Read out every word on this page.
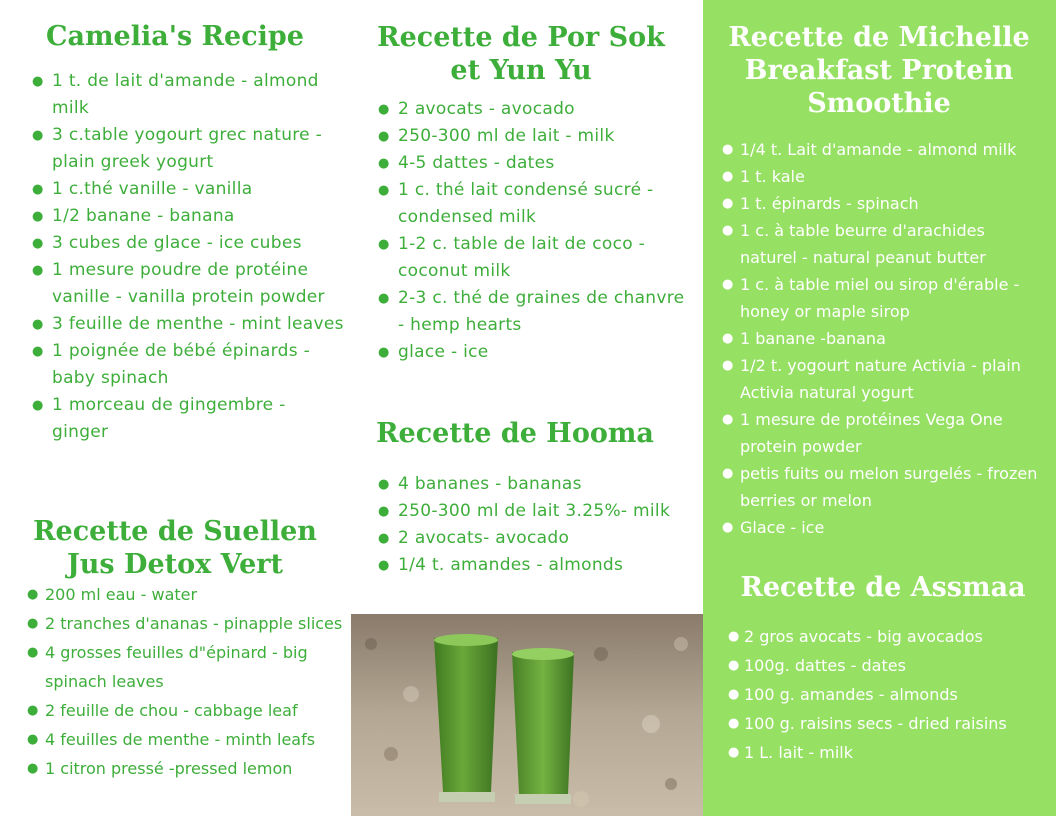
Camelia's Recipe
● 1 t. de lait d'amande - almond milk
● 3 c.table yogourt grec nature - plain greek yogurt
● 1 c.thé vanille - vanilla
● 1/2 banane - banana
● 3 cubes de glace - ice cubes
● 1 mesure poudre de protéine vanille - vanilla protein powder
● 3 feuille de menthe - mint leaves
● 1 poignée de bébé épinards - baby spinach
● 1 morceau de gingembre - ginger
Recette de Suellen
Jus Detox Vert
● 200 ml eau - water
● 2 tranches d'ananas - pinapple slices
● 4 grosses feuilles d"épinard - big spinach leaves
● 2 feuille de chou - cabbage leaf
● 4 feuilles de menthe - minth leafs
● 1 citron pressé -pressed lemon
Recette de Por Sok
et Yun Yu
● 2 avocats - avocado
● 250-300 ml de lait - milk
● 4-5 dattes - dates
● 1 c. thé lait condensé sucré - condensed milk
● 1-2 c. table de lait de coco - coconut milk
● 2-3 c. thé de graines de chanvre - hemp hearts
● glace - ice
Recette de Hooma
● 4 bananes - bananas
● 250-300 ml de lait 3.25%- milk
● 2 avocats- avocado
● 1/4 t. amandes - almonds
Recette de Michelle
Breakfast Protein
Smoothie
● 1/4 t. Lait d'amande - almond milk
● 1 t. kale
● 1 t. épinards - spinach
● 1 c. à table beurre d'arachides naturel - natural peanut butter
● 1 c. à table miel ou sirop d'érable - honey or maple sirop
● 1 banane -banana
● 1/2 t. yogourt nature Activia - plain Activia natural yogurt
● 1 mesure de protéines Vega One protein powder
● petis fuits ou melon surgelés - frozen berries or melon
● Glace - ice
Recette de Assmaa
● 2 gros avocats - big avocados
● 100g. dattes - dates
● 100 g. amandes - almonds
● 100 g. raisins secs - dried raisins
● 1 L. lait - milk
